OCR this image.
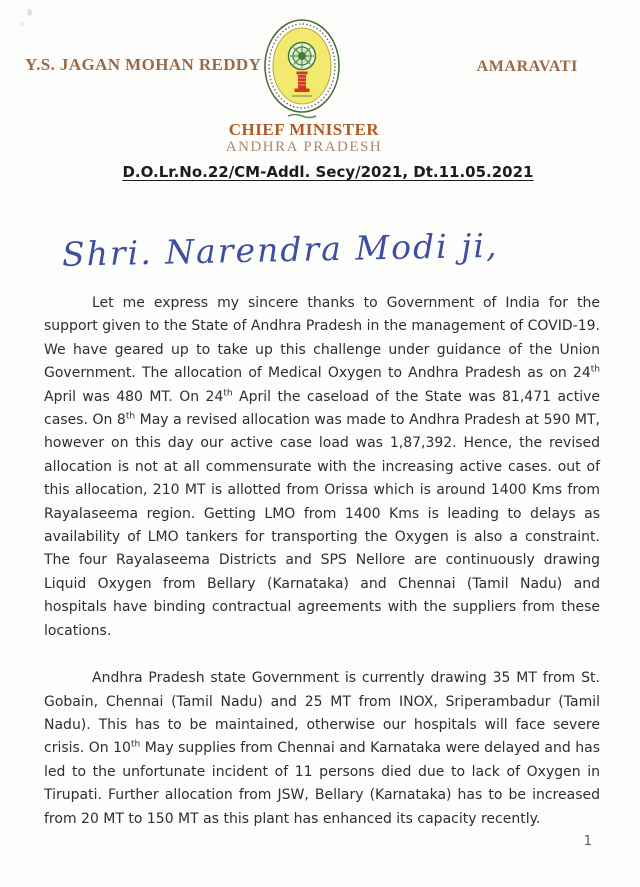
Y.S. JAGAN MOHAN REDDY	AMARAVATI
CHIEF MINISTER
ANDHRA PRADESH
D.O.Lr.No.22/CM-Addl. Secy/2021, Dt.11.05.2021
Shri. Narendra Modi ji,

Let me express my sincere thanks to Government of India for the support given to the State of Andhra Pradesh in the management of COVID-19. We have geared up to take up this challenge under guidance of the Union Government. The allocation of Medical Oxygen to Andhra Pradesh as on 24th April was 480 MT. On 24th April the caseload of the State was 81,471 active cases. On 8th May a revised allocation was made to Andhra Pradesh at 590 MT, however on this day our active case load was 1,87,392. Hence, the revised allocation is not at all commensurate with the increasing active cases. out of this allocation, 210 MT is allotted from Orissa which is around 1400 Kms from Rayalaseema region. Getting LMO from 1400 Kms is leading to delays as availability of LMO tankers for transporting the Oxygen is also a constraint. The four Rayalaseema Districts and SPS Nellore are continuously drawing Liquid Oxygen from Bellary (Karnataka) and Chennai (Tamil Nadu) and hospitals have binding contractual agreements with the suppliers from these locations.

Andhra Pradesh state Government is currently drawing 35 MT from St. Gobain, Chennai (Tamil Nadu) and 25 MT from INOX, Sriperambadur (Tamil Nadu). This has to be maintained, otherwise our hospitals will face severe crisis. On 10th May supplies from Chennai and Karnataka were delayed and has led to the unfortunate incident of 11 persons died due to lack of Oxygen in Tirupati. Further allocation from JSW, Bellary (Karnataka) has to be increased from 20 MT to 150 MT as this plant has enhanced its capacity recently.

1
